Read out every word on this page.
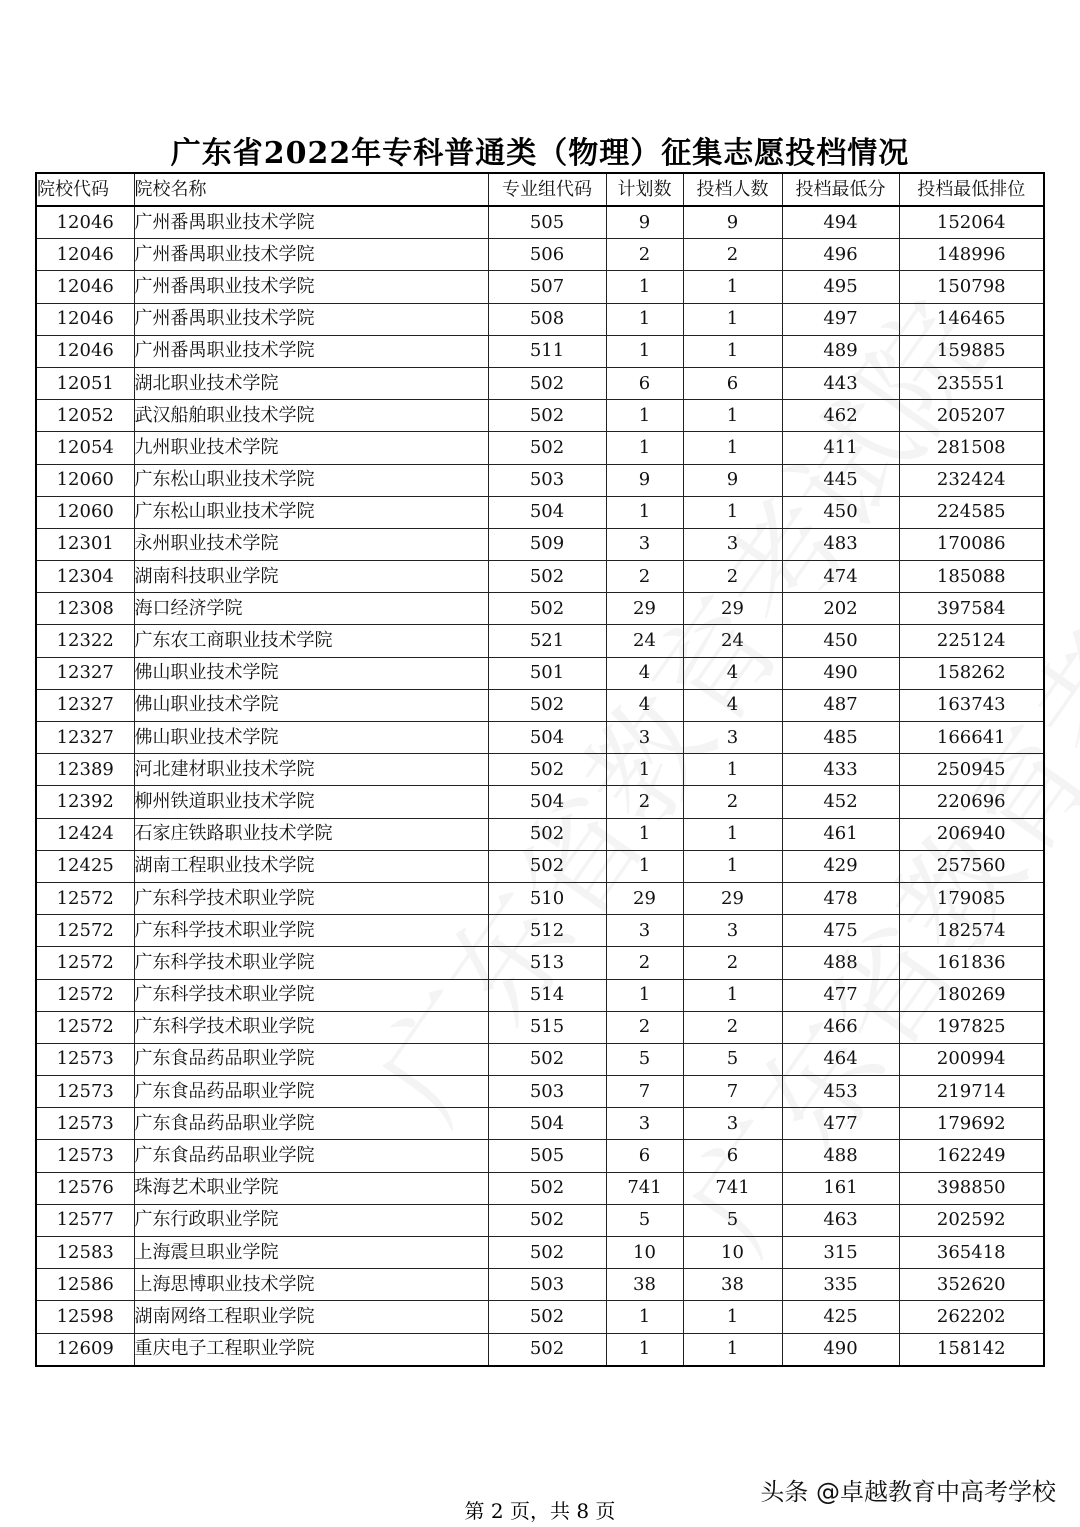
广东省2022年专科普通类（物理）征集志愿投档情况
院校代码	院校名称	专业组代码	计划数	投档人数	投档最低分	投档最低排位
12046	广州番禺职业技术学院	505	9	9	494	152064
12046	广州番禺职业技术学院	506	2	2	496	148996
12046	广州番禺职业技术学院	507	1	1	495	150798
12046	广州番禺职业技术学院	508	1	1	497	146465
12046	广州番禺职业技术学院	511	1	1	489	159885
12051	湖北职业技术学院	502	6	6	443	235551
12052	武汉船舶职业技术学院	502	1	1	462	205207
12054	九州职业技术学院	502	1	1	411	281508
12060	广东松山职业技术学院	503	9	9	445	232424
12060	广东松山职业技术学院	504	1	1	450	224585
12301	永州职业技术学院	509	3	3	483	170086
12304	湖南科技职业学院	502	2	2	474	185088
12308	海口经济学院	502	29	29	202	397584
12322	广东农工商职业技术学院	521	24	24	450	225124
12327	佛山职业技术学院	501	4	4	490	158262
12327	佛山职业技术学院	502	4	4	487	163743
12327	佛山职业技术学院	504	3	3	485	166641
12389	河北建材职业技术学院	502	1	1	433	250945
12392	柳州铁道职业技术学院	504	2	2	452	220696
12424	石家庄铁路职业技术学院	502	1	1	461	206940
12425	湖南工程职业技术学院	502	1	1	429	257560
12572	广东科学技术职业学院	510	29	29	478	179085
12572	广东科学技术职业学院	512	3	3	475	182574
12572	广东科学技术职业学院	513	2	2	488	161836
12572	广东科学技术职业学院	514	1	1	477	180269
12572	广东科学技术职业学院	515	2	2	466	197825
12573	广东食品药品职业学院	502	5	5	464	200994
12573	广东食品药品职业学院	503	7	7	453	219714
12573	广东食品药品职业学院	504	3	3	477	179692
12573	广东食品药品职业学院	505	6	6	488	162249
12576	珠海艺术职业学院	502	741	741	161	398850
12577	广东行政职业学院	502	5	5	463	202592
12583	上海震旦职业学院	502	10	10	315	365418
12586	上海思博职业技术学院	503	38	38	335	352620
12598	湖南网络工程职业学院	502	1	1	425	262202
12609	重庆电子工程职业学院	502	1	1	490	158142
头条 @卓越教育中高考学校
第 2 页，共 8 页
